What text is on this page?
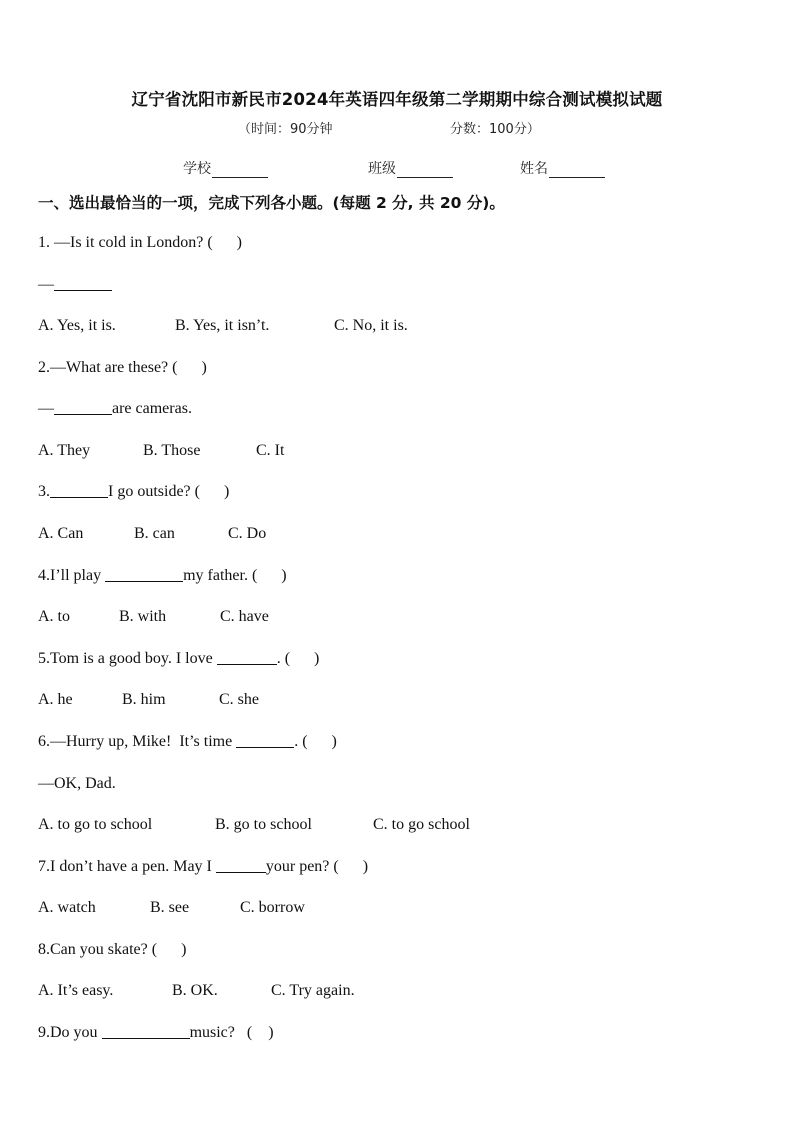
辽宁省沈阳市新民市2024年英语四年级第二学期期中综合测试模拟试题
（时间：90分钟	分数：100分）
学校	班级	姓名
一、选出最恰当的一项，完成下列各小题。(每题 2 分, 共 20 分)。
1. —Is it cold in London? (      )
—
A. Yes, it is.	B. Yes, it isn’t.	C. No, it is.
2.—What are these? (      )
—	are cameras.
A. They	B. Those	C. It
3.	I go outside? (      )
A. Can	B. can	C. Do
4.I’ll play	my father. (      )
A. to	B. with	C. have
5.Tom is a good boy. I love	. (      )
A. he	B. him	C. she
6.—Hurry up, Mike!  It’s time	. (      )
—OK, Dad.
A. to go to school	B. go to school	C. to go school
7.I don’t have a pen. May I	your pen? (      )
A. watch	B. see	C. borrow
8.Can you skate? (      )
A. It’s easy.	B. OK.	C. Try again.
9.Do you	music?   (    )
